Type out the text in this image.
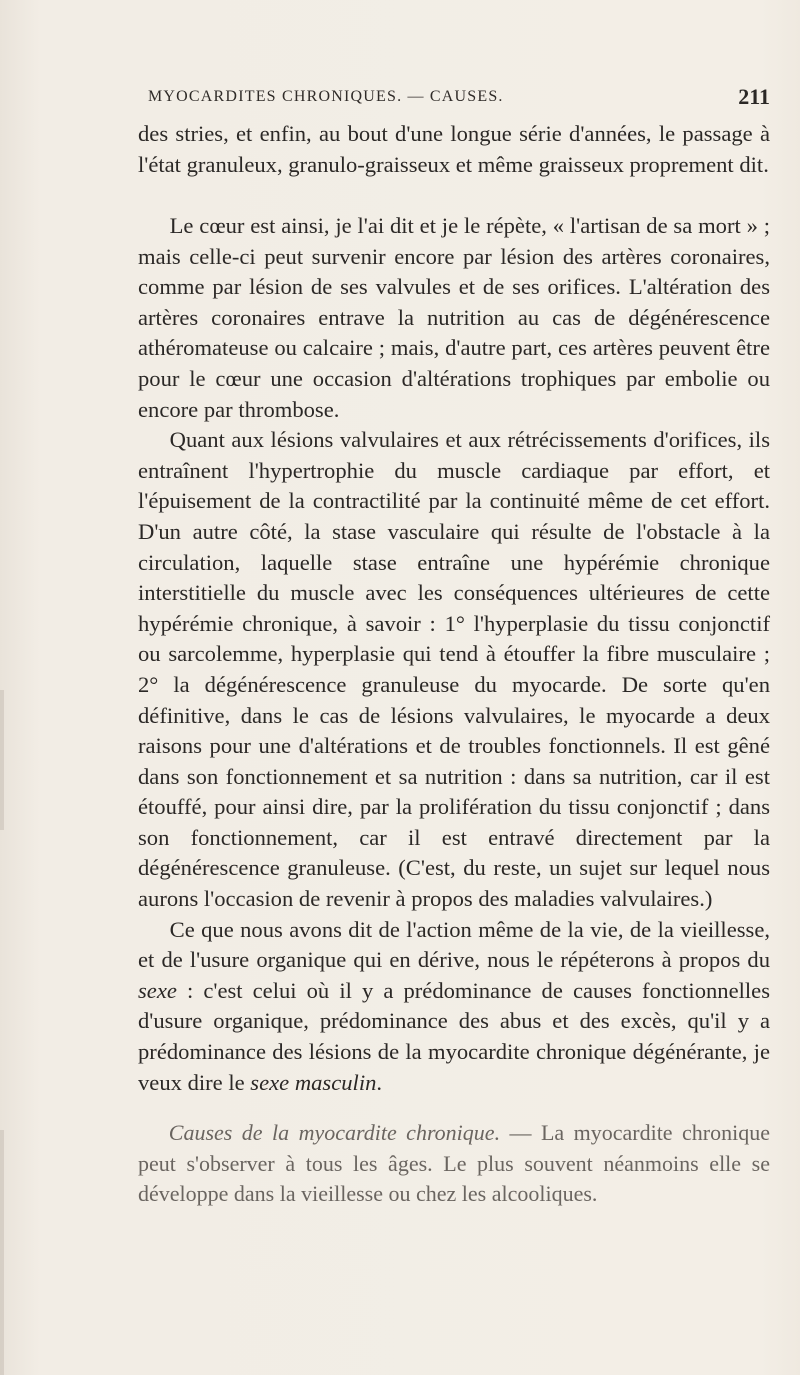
MYOCARDITES CHRONIQUES. — CAUSES.	211

des stries, et enfin, au bout d'une longue série d'années, le passage à l'état granuleux, granulo-graisseux et même graisseux proprement dit.

Le cœur est ainsi, je l'ai dit et je le répète, « l'artisan de sa mort » ; mais celle-ci peut survenir encore par lésion des artères coronaires, comme par lésion de ses valvules et de ses orifices. L'altération des artères coronaires entrave la nutrition au cas de dégénérescence athéromateuse ou calcaire ; mais, d'autre part, ces artères peuvent être pour le cœur une occasion d'altérations trophiques par embolie ou encore par thrombose.

Quant aux lésions valvulaires et aux rétrécissements d'orifices, ils entraînent l'hypertrophie du muscle cardiaque par effort, et l'épuisement de la contractilité par la continuité même de cet effort. D'un autre côté, la stase vasculaire qui résulte de l'obstacle à la circulation, laquelle stase entraîne une hypérémie chronique interstitielle du muscle avec les conséquences ultérieures de cette hypérémie chronique, à savoir : 1° l'hyperplasie du tissu conjonctif ou sarcolemme, hyperplasie qui tend à étouffer la fibre musculaire ; 2° la dégénérescence granuleuse du myocarde. De sorte qu'en définitive, dans le cas de lésions valvulaires, le myocarde a deux raisons pour une d'altérations et de troubles fonctionnels. Il est gêné dans son fonctionnement et sa nutrition : dans sa nutrition, car il est étouffé, pour ainsi dire, par la prolifération du tissu conjonctif ; dans son fonctionnement, car il est entravé directement par la dégénérescence granuleuse. (C'est, du reste, un sujet sur lequel nous aurons l'occasion de revenir à propos des maladies valvulaires.)

Ce que nous avons dit de l'action même de la vie, de la vieillesse, et de l'usure organique qui en dérive, nous le répéterons à propos du sexe : c'est celui où il y a prédominance de causes fonctionnelles d'usure organique, prédominance des abus et des excès, qu'il y a prédominance des lésions de la myocardite chronique dégénérante, je veux dire le sexe masculin.

Causes de la myocardite chronique. — La myocardite chronique peut s'observer à tous les âges. Le plus souvent néanmoins elle se développe dans la vieillesse ou chez les alcooliques.
